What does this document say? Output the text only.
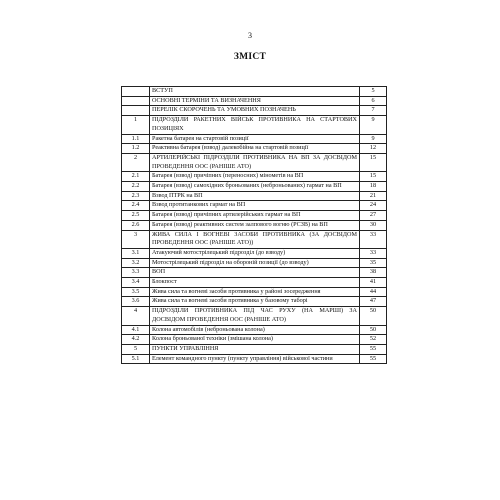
3
ЗМІСТ
	ВСТУП	5
	ОСНОВНІ ТЕРМІНИ ТА ВИЗНАЧЕННЯ	6
	ПЕРЕЛІК СКОРОЧЕНЬ ТА УМОВНИХ ПОЗНАЧЕНЬ	7
1	ПІДРОЗДІЛИ РАКЕТНИХ ВІЙСЬК ПРОТИВНИКА НА СТАРТОВИХ ПОЗИЦІЯХ	9
1.1	Ракетна батарея на стартовій позиції	9
1.2	Реактивна батарея (взвод) далекобійна на стартовій позиції	12
2	АРТИЛЕРІЙСЬКІ ПІДРОЗДІЛИ ПРОТИВНИКА НА ВП ЗА ДОСВІДОМ ПРОВЕДЕННЯ ООС (РАНІШЕ АТО)	15
2.1	Батарея (взвод) причіпних (переносних) мінометів на ВП	15
2.2	Батарея (взвод) самохідних броньованих (неброньованих) гармат на ВП	18
2.3	Взвод ПТРК на ВП	21
2.4	Взвод протитанкових гармат на ВП	24
2.5	Батарея (взвод) причіпних артилерійських гармат на ВП	27
2.6	Батарея (взвод) реактивних систем залпового вогню (РСЗВ) на ВП	30
3	ЖИВА СИЛА І ВОГНЕВІ ЗАСОБИ ПРОТИВНИКА (ЗА ДОСВІДОМ ПРОВЕДЕННЯ ООС (РАНІШЕ АТО))	33
3.1	Атакуючий мотострілецький підрозділ (до взводу)	33
3.2	Мотострілецький підрозділ на обороній позиції (до взводу)	35
3.3	ВОП	38
3.4	Блокпост	41
3.5	Жива сила та вогневі засоби противника у районі зосередження	44
3.6	Жива сила та вогневі засоби противника у базовому таборі	47
4	ПІДРОЗДІЛИ ПРОТИВНИКА ПІД ЧАС РУХУ (НА МАРШІ) ЗА ДОСВІДОМ ПРОВЕДЕННЯ ООС (РАНІШЕ АТО)	50
4.1	Колона автомобілів (неброньована колона)	50
4.2	Колона броньованої техніки (змішана колона)	52
5	ПУНКТИ УПРАВЛІННЯ	55
5.1	Елемент командного пункту (пункту управління) військової частини	55
